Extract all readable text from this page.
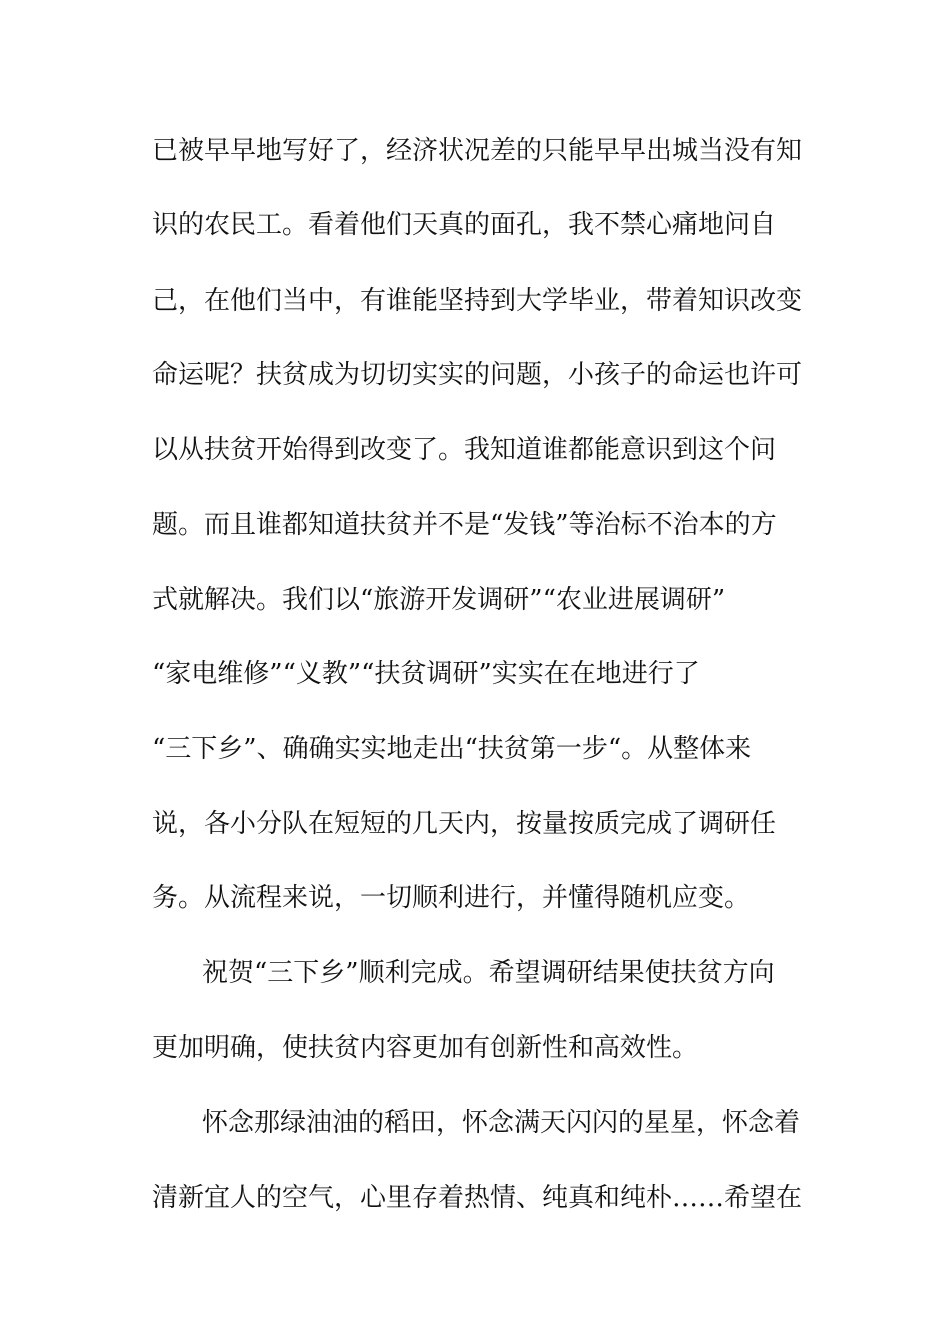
已被早早地写好了，经济状况差的只能早早出城当没有知
识的农民工。看着他们天真的面孔，我不禁心痛地问自
己，在他们当中，有谁能坚持到大学毕业，带着知识改变
命运呢？扶贫成为切切实实的问题，小孩子的命运也许可
以从扶贫开始得到改变了。我知道谁都能意识到这个问
题。而且谁都知道扶贫并不是“发钱”等治标不治本的方
式就解决。我们以“旅游开发调研”“农业进展调研”
“家电维修”“义教”“扶贫调研”实实在在地进行了
“三下乡”、确确实实地走出“扶贫第一步“。从整体来
说，各小分队在短短的几天内，按量按质完成了调研任
务。从流程来说，一切顺利进行，并懂得随机应变。
祝贺“三下乡”顺利完成。希望调研结果使扶贫方向
更加明确，使扶贫内容更加有创新性和高效性。
怀念那绿油油的稻田，怀念满天闪闪的星星，怀念着
清新宜人的空气，心里存着热情、纯真和纯朴……希望在
